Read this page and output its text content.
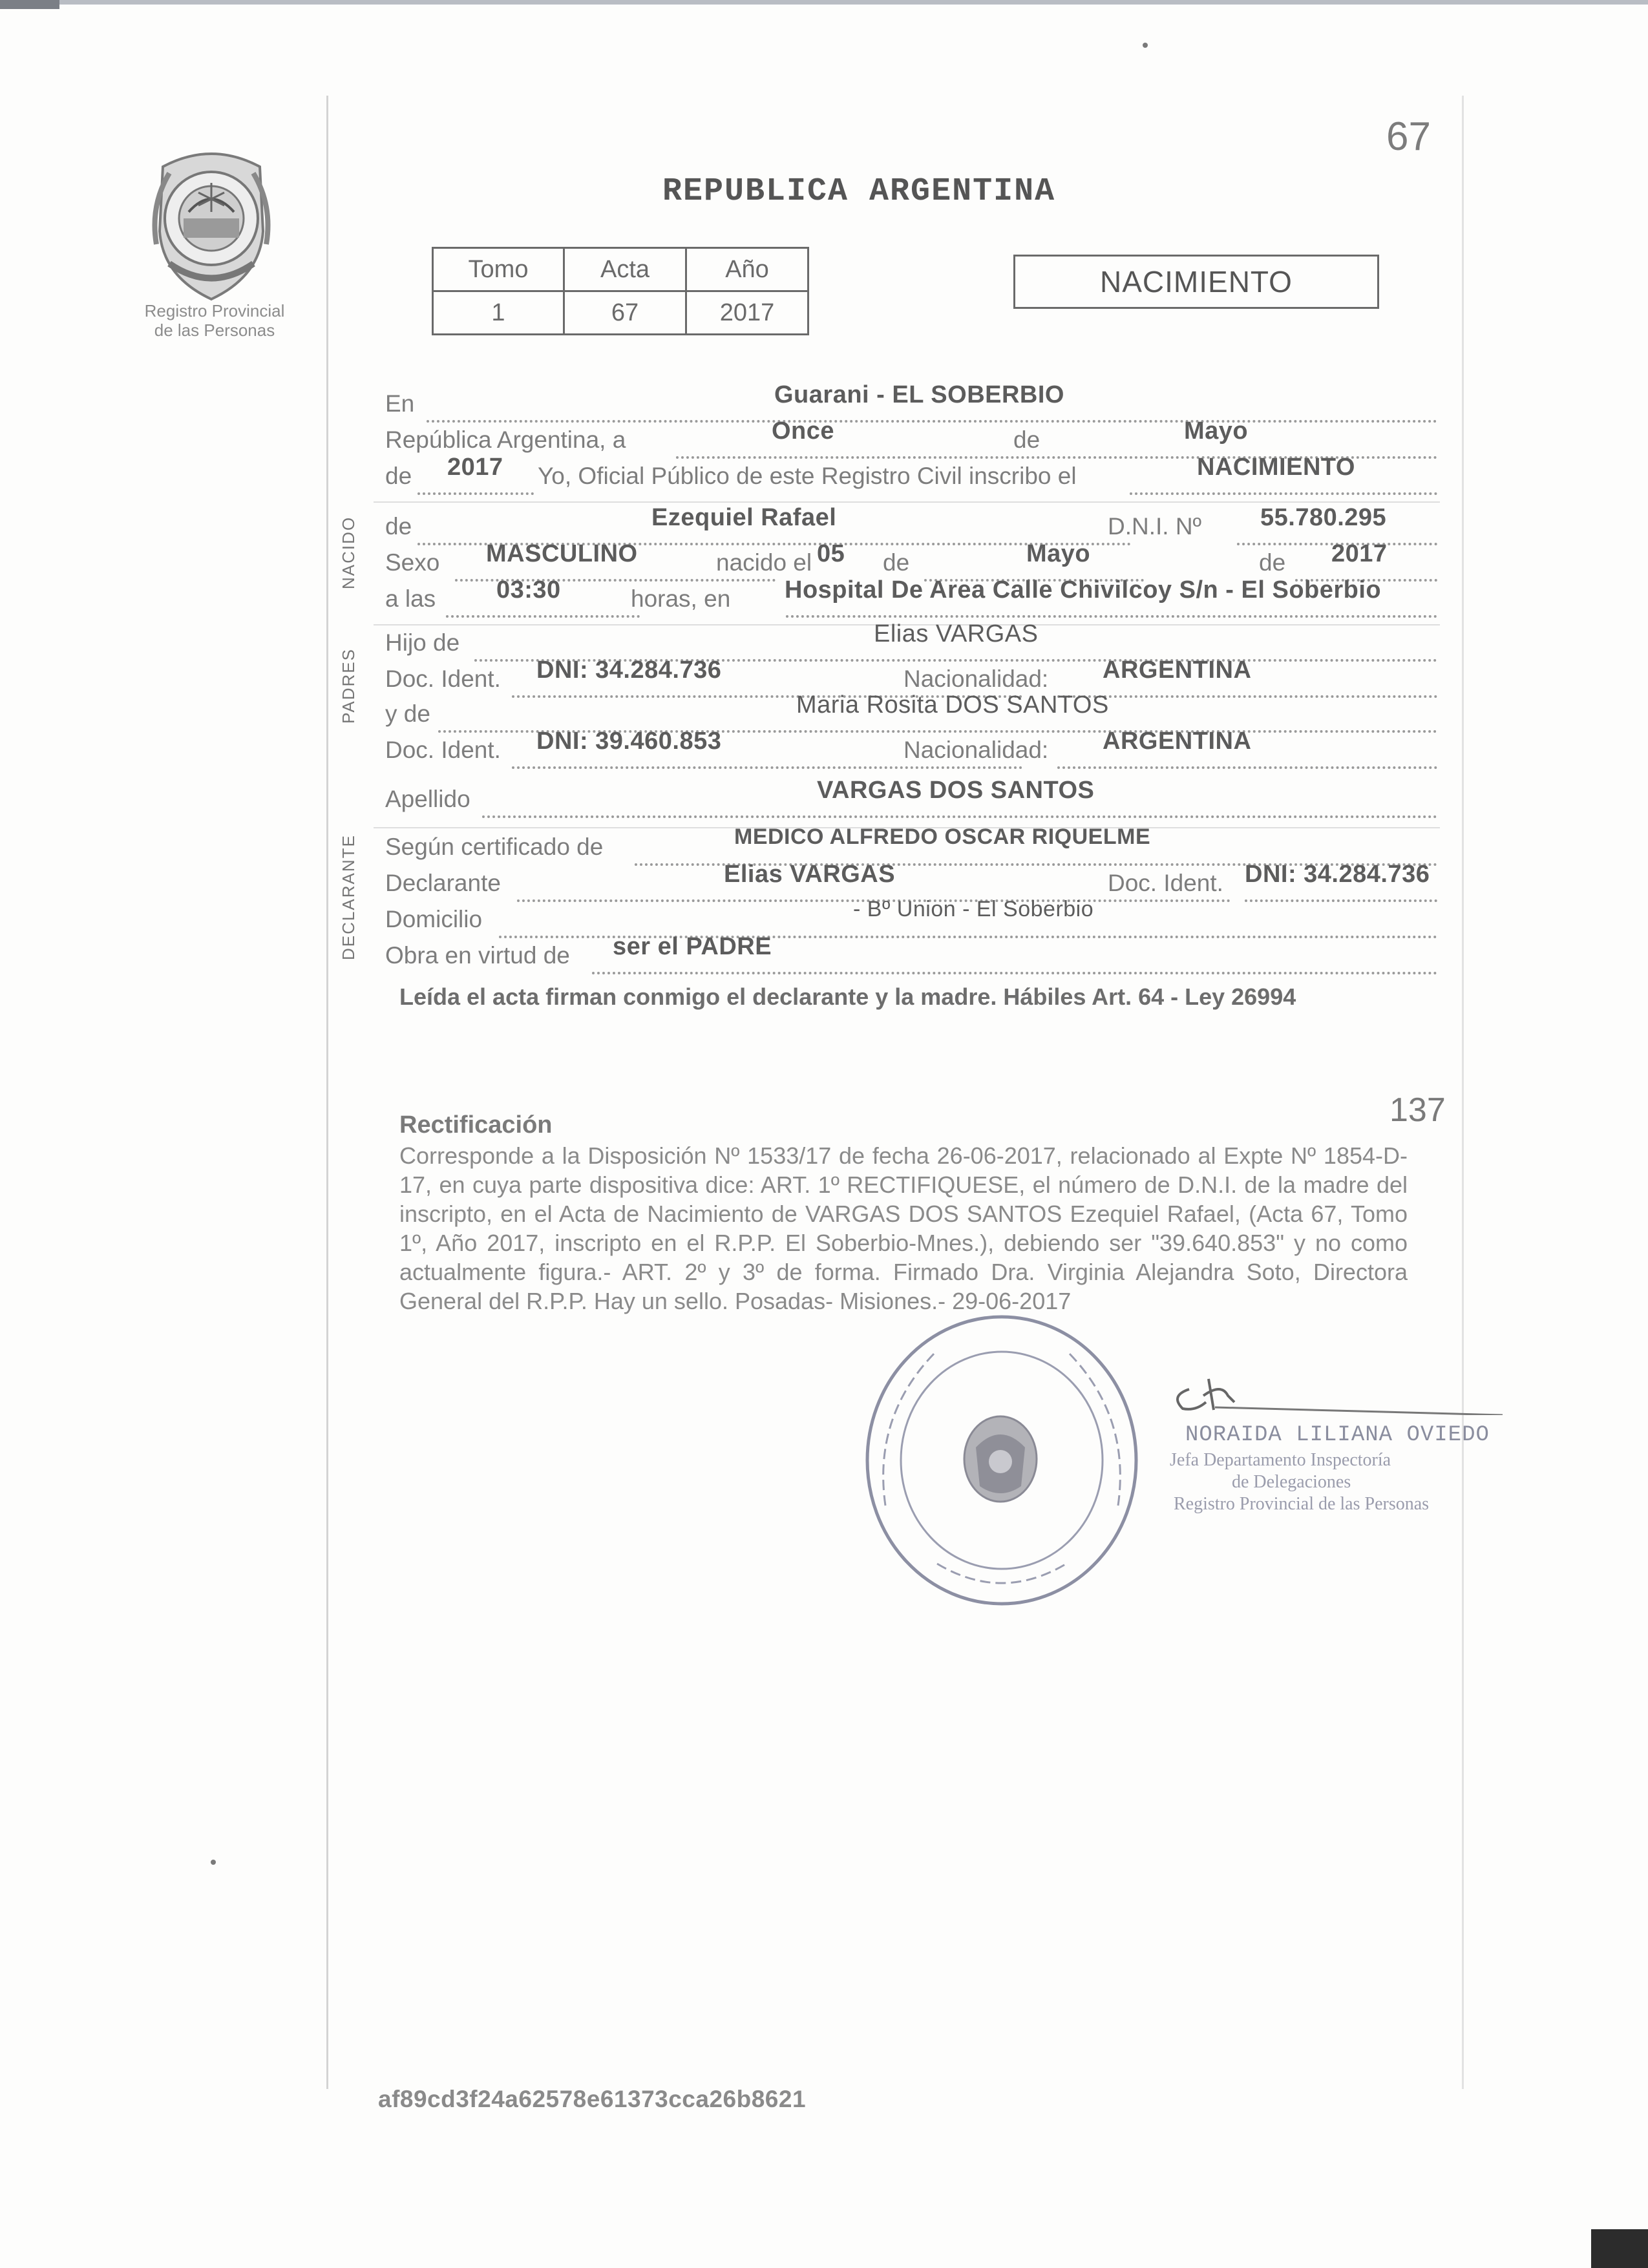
Registro Provincial
de las Personas
67
REPUBLICA ARGENTINA
Tomo	Acta	Año
1	67	2017
NACIMIENTO
En	Guarani - EL SOBERBIO
República Argentina, a	Once	de	Mayo
de 2017 Yo, Oficial Público de este Registro Civil inscribo el	NACIMIENTO
NACIDO de	Ezequiel Rafael	D.N.I. Nº 55.780.295
Sexo MASCULINO	nacido el 05 de	Mayo	de 2017
a las 03:30	horas, en Hospital De Area Calle Chivilcoy S/n - El Soberbio
PADRES
Hijo de	Elias VARGAS
Doc. Ident. DNI: 34.284.736	Nacionalidad: ARGENTINA
y de	Maria Rosita DOS SANTOS
Doc. Ident. DNI: 39.460.853	Nacionalidad: ARGENTINA
Apellido	VARGAS DOS SANTOS
DECLARANTE Según certificado de	MEDICO ALFREDO OSCAR RIQUELME
Declarante	Elias VARGAS	Doc. Ident. DNI: 34.284.736
Domicilio	- Bº Union - El Soberbio
Obra en virtud de ser el PADRE
Leída el acta firman conmigo el declarante y la madre. Hábiles Art. 64 - Ley 26994
137
Rectificación
Corresponde a la Disposición Nº 1533/17 de fecha 26-06-2017, relacionado al Expte Nº 1854-D-17, en cuya parte dispositiva dice: ART. 1º RECTIFIQUESE, el número de D.N.I. de la madre del inscripto, en el Acta de Nacimiento de VARGAS DOS SANTOS Ezequiel Rafael, (Acta 67, Tomo 1º, Año 2017, inscripto en el R.P.P. El Soberbio-Mnes.), debiendo ser "39.640.853" y no como actualmente figura.- ART. 2º y 3º de forma. Firmado Dra. Virginia Alejandra Soto, Directora General del R.P.P. Hay un sello. Posadas- Misiones.- 29-06-2017
NORAIDA LILIANA OVIEDO
Jefa Departamento Inspectoría
de Delegaciones
Registro Provincial de las Personas
af89cd3f24a62578e61373cca26b8621
